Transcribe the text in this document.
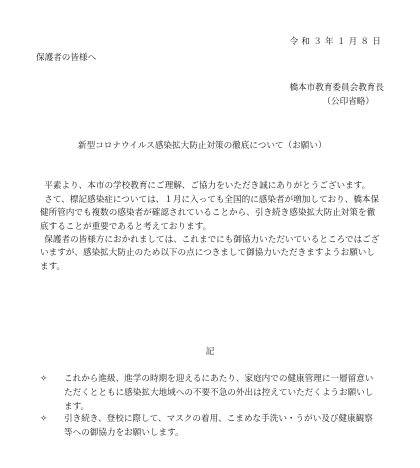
令和３年１月８日
保護者の皆様へ
橋本市教育委員会教育長
（公印省略）
新型コロナウイルス感染拡大防止対策の徹底について（お願い）
平素より、本市の学校教育にご理解、ご協力をいただき誠にありがとうございます。
さて、標記感染症については、１月に入っても全国的に感染者が増加しており、橋本保健所管内でも複数の感染者が確認されていることから、引き続き感染拡大防止対策を徹底することが重要であると考えております。
保護者の皆様方におかれましては、これまでにも御協力いただいているところではございますが、感染拡大防止のため以下の点につきまして御協力いただきますようお願いします。
記
✧ これから進級、進学の時期を迎えるにあたり、家庭内での健康管理に一層留意いただくとともに感染拡大地域への不要不急の外出は控えていただくようお願いします。
✧ 引き続き、登校に際して、マスクの着用、こまめな手洗い・うがい及び健康観察等への御協力をお願いします。
